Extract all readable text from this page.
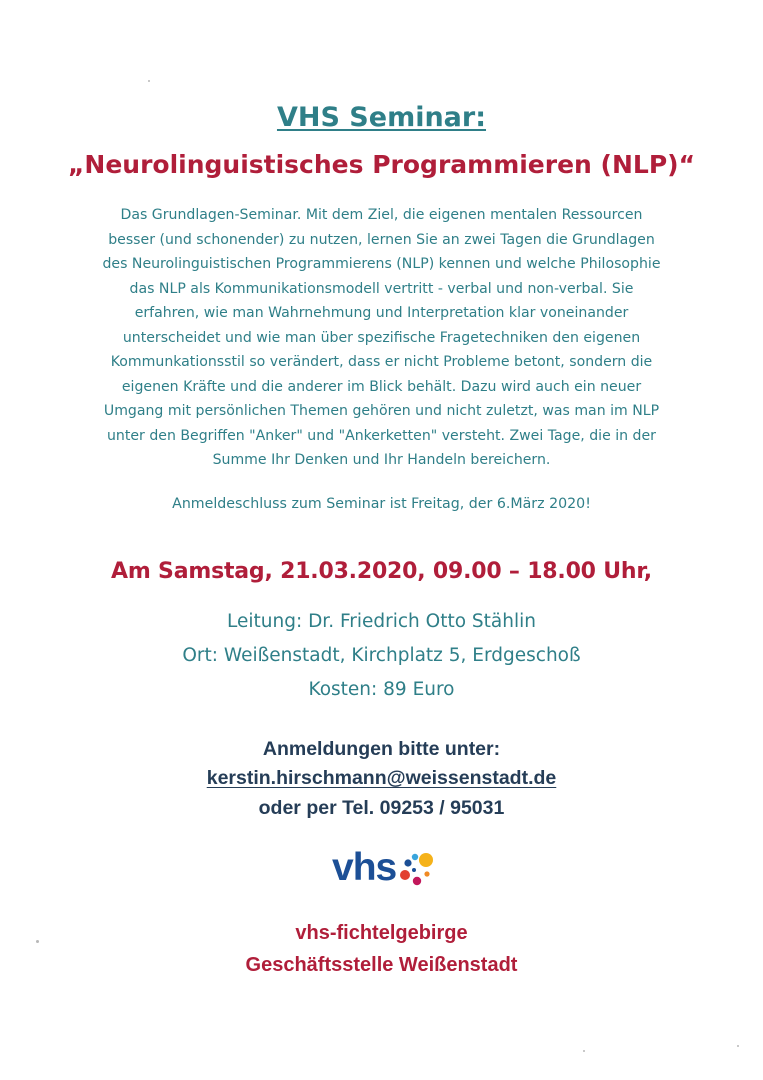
VHS Seminar:
„Neurolinguistisches Programmieren (NLP)“
Das Grundlagen-Seminar. Mit dem Ziel, die eigenen mentalen Ressourcen
besser (und schonender) zu nutzen, lernen Sie an zwei Tagen die Grundlagen
des Neurolinguistischen Programmierens (NLP) kennen und welche Philosophie
das NLP als Kommunikationsmodell vertritt - verbal und non-verbal. Sie
erfahren, wie man Wahrnehmung und Interpretation klar voneinander
unterscheidet und wie man über spezifische Fragetechniken den eigenen
Kommunkationsstil so verändert, dass er nicht Probleme betont, sondern die
eigenen Kräfte und die anderer im Blick behält. Dazu wird auch ein neuer
Umgang mit persönlichen Themen gehören und nicht zuletzt, was man im NLP
unter den Begriffen "Anker" und "Ankerketten" versteht. Zwei Tage, die in der
Summe Ihr Denken und Ihr Handeln bereichern.
Anmeldeschluss zum Seminar ist Freitag, der 6.März 2020!
Am Samstag, 21.03.2020, 09.00 – 18.00 Uhr,
Leitung: Dr. Friedrich Otto Stählin
Ort: Weißenstadt, Kirchplatz 5, Erdgeschoß
Kosten: 89 Euro
Anmeldungen bitte unter:
kerstin.hirschmann@weissenstadt.de
oder per Tel. 09253 / 95031
vhs
vhs-fichtelgebirge
Geschäftsstelle Weißenstadt
